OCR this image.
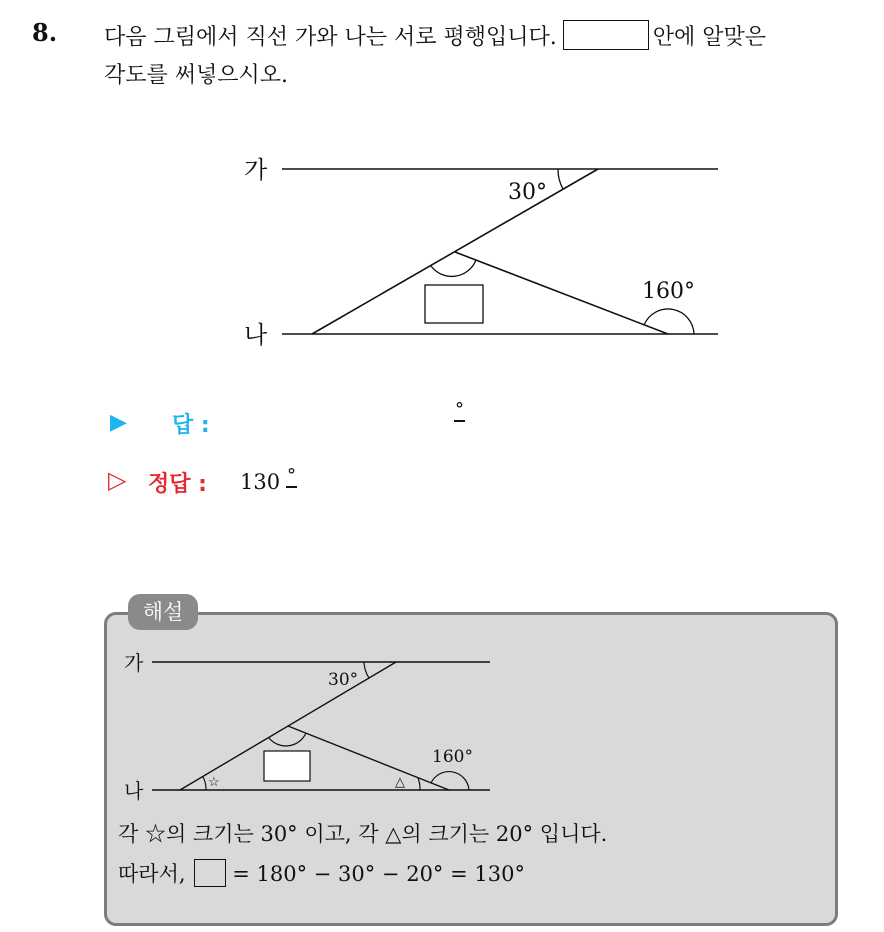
8. 다음 그림에서 직선 가와 나는 서로 평행입니다.	안에 알맞은
각도를 써넣으시오.
가
나
30°
160°
▶ 답 :
°
▷ 정답 : 130 °
해설
가
나
30°
160°
☆	△
각 ☆의 크기는 30° 이고, 각 △의 크기는 20° 입니다.
따라서, = 180° − 30° − 20° = 130°
